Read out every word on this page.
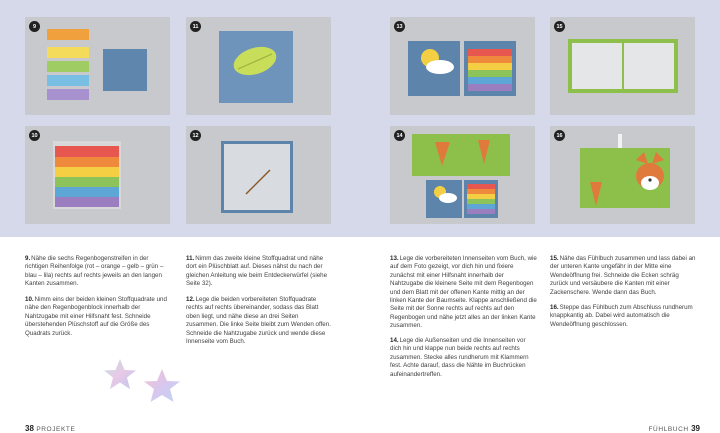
9
10
11
12
13
14
15
16

9.Nähe die sechs Regenbogenstreifen in der richtigen Reihenfolge (rot – orange – gelb – grün – blau – lila) rechts auf rechts jeweils an den langen Kanten zusammen.

10.Nimm eins der beiden kleinen Stoffquadrate und nähe den Regenbogenblock innerhalb der Nahtzugabe mit einer Hilfsnaht fest. Schneide überstehenden Plüschstoff auf die Größe des Quadrats zurück.

11.Nimm das zweite kleine Stoffquadrat und nähe dort ein Plüschblatt auf. Dieses nähst du nach der gleichen Anleitung wie beim Entdeckerwürfel (siehe Seite 32).

12.Lege die beiden vorbereiteten Stoffquadrate rechts auf rechts übereinander, sodass das Blatt oben liegt, und nähe diese an drei Seiten zusammen. Die linke Seite bleibt zum Wenden offen. Schneide die Nahtzugabe zurück und wende diese Innenseite vom Buch.

13.Lege die vorbereiteten Innenseiten vom Buch, wie auf dem Foto gezeigt, vor dich hin und fixiere zunächst mit einer Hilfsnaht innerhalb der Nahtzugabe die kleinere Seite mit dem Regenbogen und dem Blatt mit der offenen Kante mittig an der linken Kante der Baumseite. Klappe anschließend die Seite mit der Sonne rechts auf rechts auf den Regenbogen und nähe jetzt alles an der linken Kante zusammen.

14.Lege die Außenseiten und die Innenseiten vor dich hin und klappe nun beide rechts auf rechts zusammen. Stecke alles rundherum mit Klammern fest. Achte darauf, dass die Nähte im Buchrücken aufeinandertreffen.

15.Nähe das Fühlbuch zusammen und lass dabei an der unteren Kante ungefähr in der Mitte eine Wendeöffnung frei. Schneide die Ecken schräg zurück und versäubere die Kanten mit einer Zackenschere. Wende dann das Buch.

16.Steppe das Fühlbuch zum Abschluss rundherum knappkantig ab. Dabei wird automatisch die Wendeöffnung geschlossen.

38 PROJEKTE	FÜHLBUCH 39
